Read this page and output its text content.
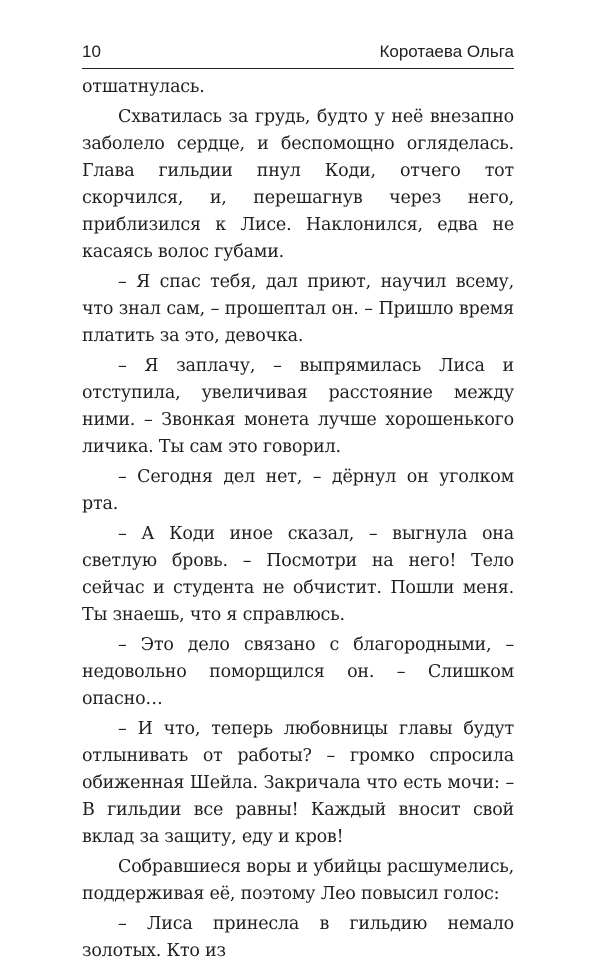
10	Коротаева Ольга

отшатнулась.

Схватилась за грудь, будто у неё внезапно заболело сердце, и беспомощно огляделась. Глава гильдии пнул Коди, отчего тот скорчился, и, перешагнув через него, приблизился к Лисе. Наклонился, едва не касаясь волос губами.

– Я спас тебя, дал приют, научил всему, что знал сам, – прошептал он. – Пришло время платить за это, девочка.

– Я заплачу, – выпрямилась Лиса и отступила, увеличивая расстояние между ними. – Звонкая монета лучше хорошенького личика. Ты сам это говорил.

– Сегодня дел нет, – дёрнул он уголком рта.

– А Коди иное сказал, – выгнула она светлую бровь. – Посмотри на него! Тело сейчас и студента не обчистит. Пошли меня. Ты знаешь, что я справлюсь.

– Это дело связано с благородными, – недовольно поморщился он. – Слишком опасно…

– И что, теперь любовницы главы будут отлынивать от работы? – громко спросила обиженная Шейла. Закричала что есть мочи: – В гильдии все равны! Каждый вносит свой вклад за защиту, еду и кров!

Собравшиеся воры и убийцы расшумелись, поддерживая её, поэтому Лео повысил голос:

– Лиса принесла в гильдию немало золотых. Кто из
